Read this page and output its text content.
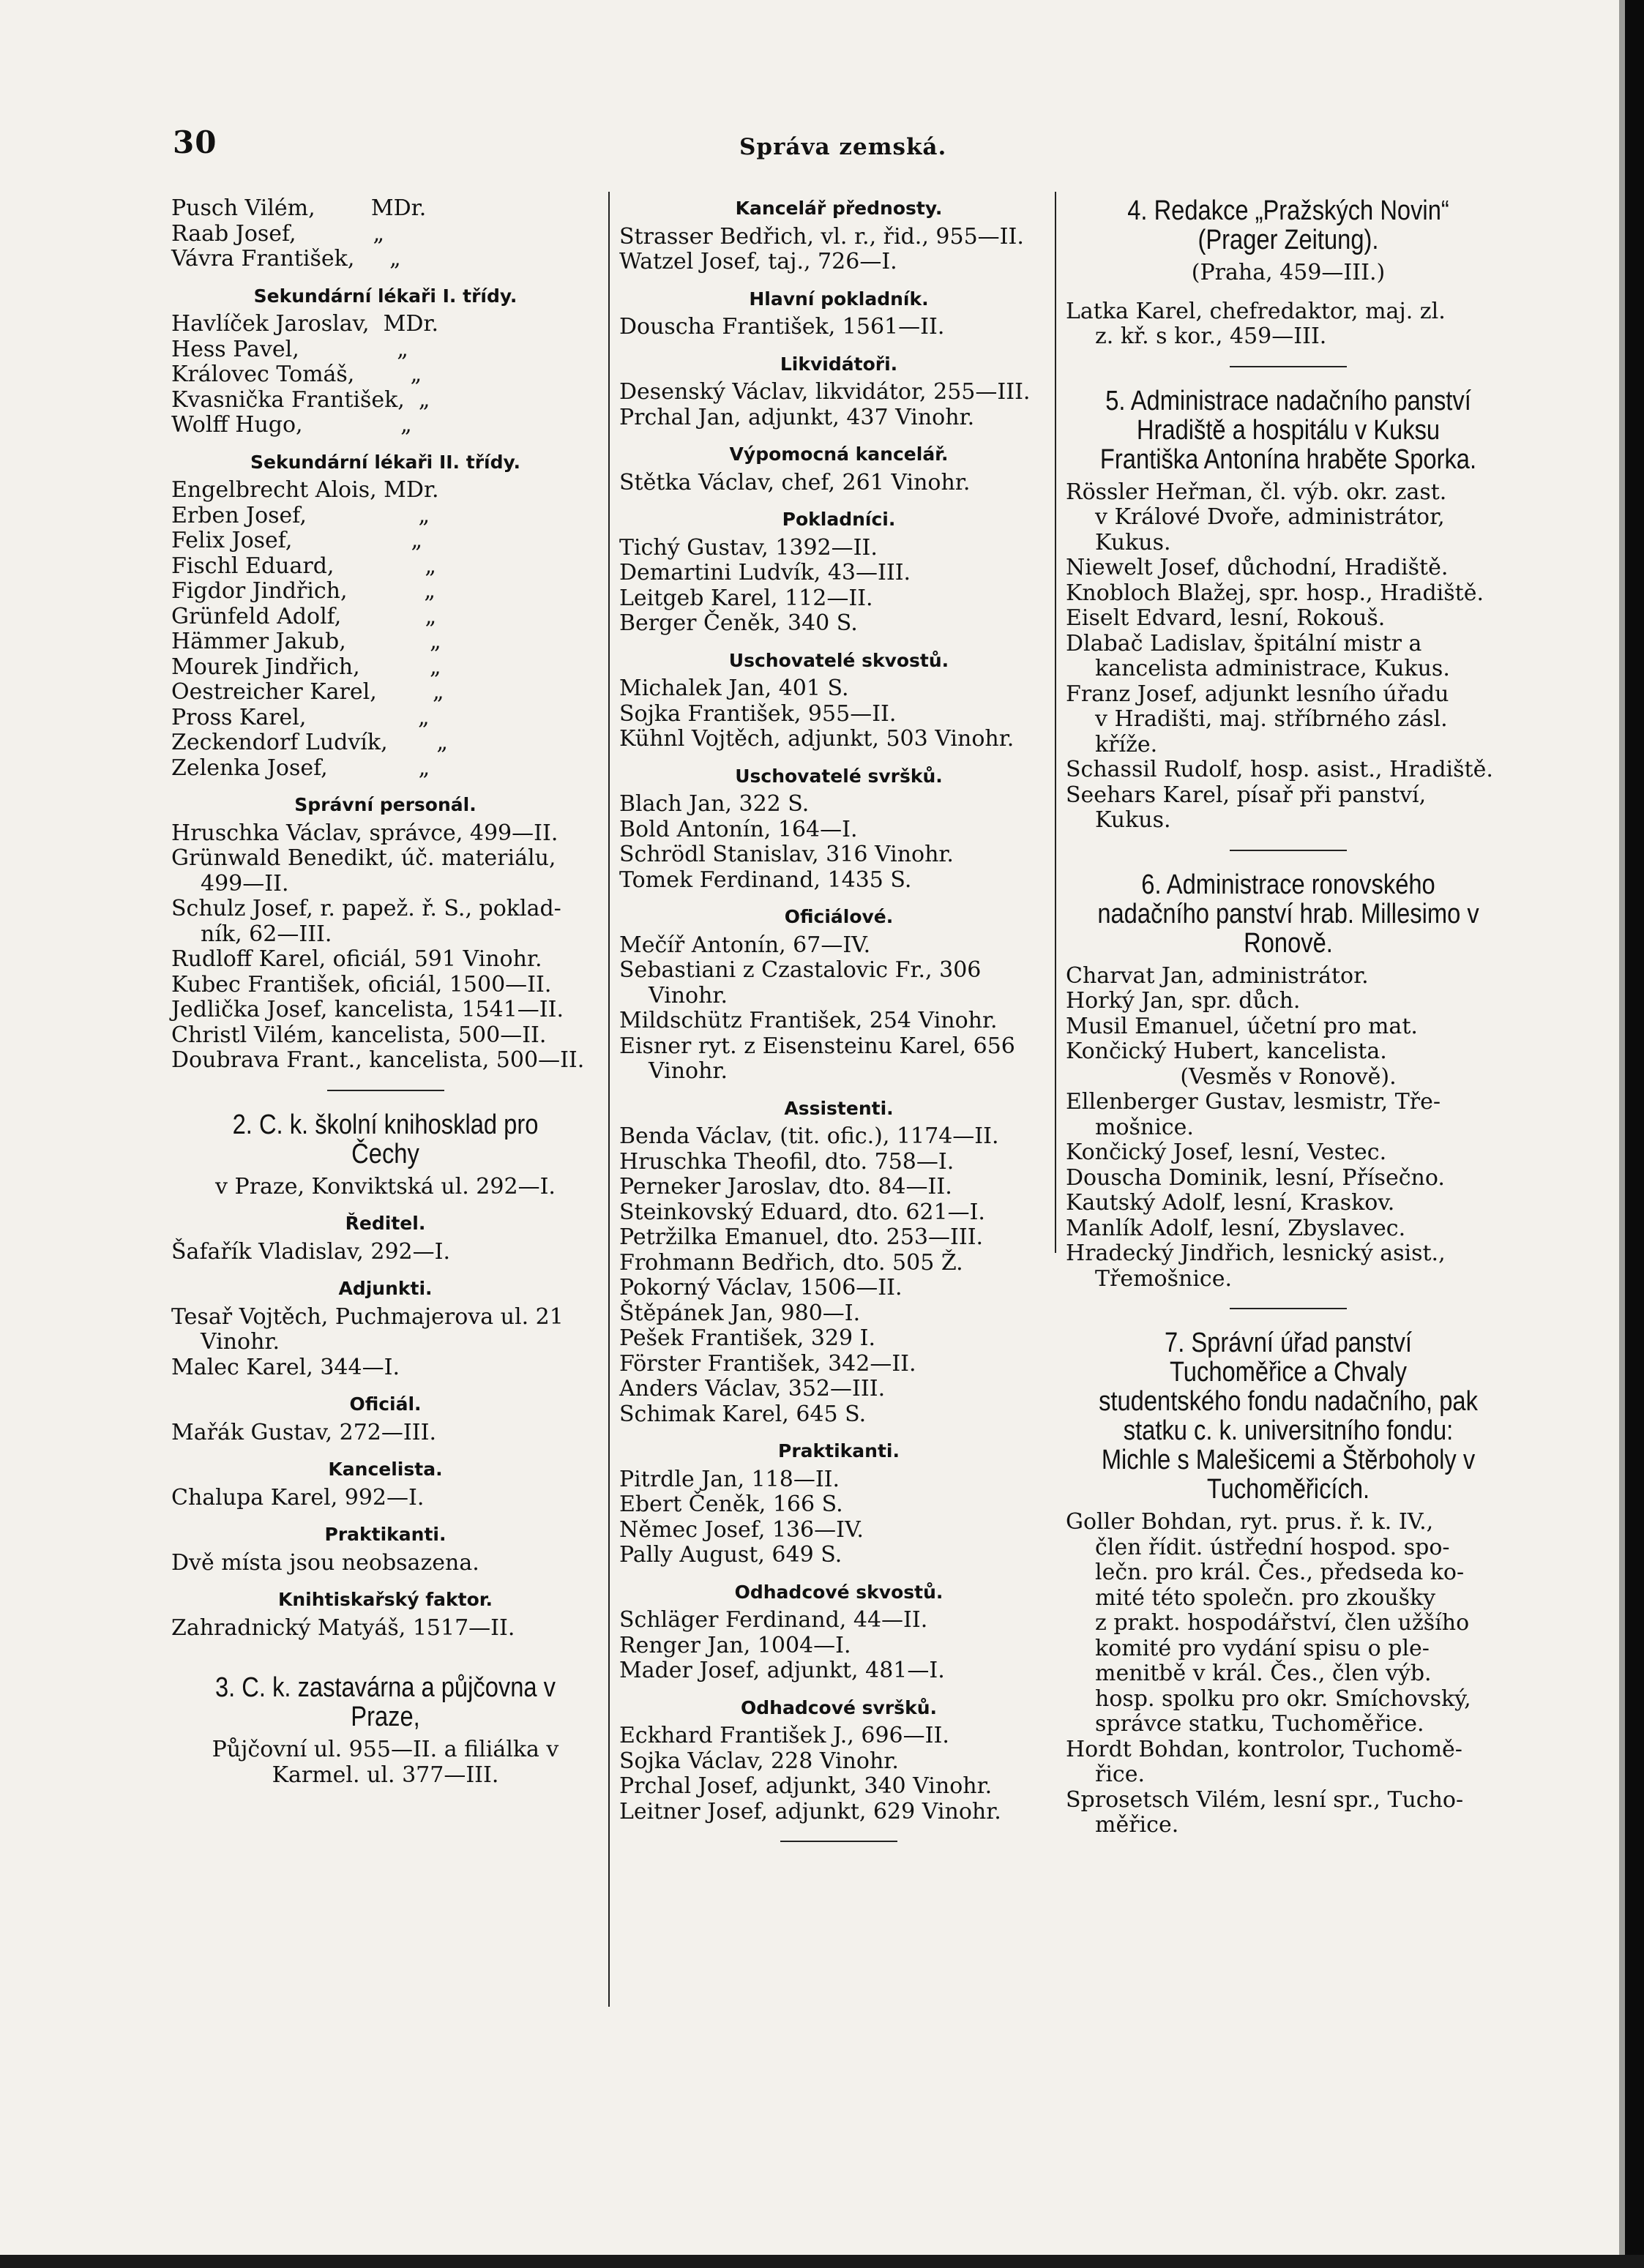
30	Správa zemská.
Pusch Vilém,        MDr.
Raab Josef,           „
Vávra František,     „
Sekundární lékaři I. třídy.
Havlíček Jaroslav,  MDr.
Hess Pavel,              „
Královec Tomáš,        „
Kvasnička František,  „
Wolff Hugo,              „
Sekundární lékaři II. třídy.
Engelbrecht Alois, MDr.
Erben Josef,                „
Felix Josef,                 „
Fischl Eduard,             „
Figdor Jindřich,           „
Grünfeld Adolf,            „
Hämmer Jakub,            „
Mourek Jindřich,          „
Oestreicher Karel,        „
Pross Karel,                „
Zeckendorf Ludvík,       „
Zelenka Josef,             „
Správní personál.
Hruschka Václav, správce, 499—II.
Grünwald Benedikt, úč. materiálu,
499—II.
Schulz Josef, r. papež. ř. S., poklad-
ník, 62—III.
Rudloff Karel, oficiál, 591 Vinohr.
Kubec František, oficiál, 1500—II.
Jedlička Josef, kancelista, 1541—II.
Christl Vilém, kancelista, 500—II.
Doubrava Frant., kancelista, 500—II.
2. C. k. školní knihosklad pro Čechy
v Praze, Konviktská ul. 292—I.
Ředitel.
Šafařík Vladislav, 292—I.
Adjunkti.
Tesař Vojtěch, Puchmajerova ul. 21
Vinohr.
Malec Karel, 344—I.
Oficiál.
Mařák Gustav, 272—III.
Kancelista.
Chalupa Karel, 992—I.
Praktikanti.
Dvě místa jsou neobsazena.
Knihtiskařský faktor.
Zahradnický Matyáš, 1517—II.
3. C. k. zastavárna a půjčovna v Praze,
Půjčovní ul. 955—II. a filiálka v
Karmel. ul. 377—III.
Kancelář přednosty.
Strasser Bedřich, vl. r., řid., 955—II.
Watzel Josef, taj., 726—I.
Hlavní pokladník.
Douscha František, 1561—II.
Likvidátoři.
Desenský Václav, likvidátor, 255—III.
Prchal Jan, adjunkt, 437 Vinohr.
Výpomocná kancelář.
Stětka Václav, chef, 261 Vinohr.
Pokladníci.
Tichý Gustav, 1392—II.
Demartini Ludvík, 43—III.
Leitgeb Karel, 112—II.
Berger Čeněk, 340 S.
Uschovatelé skvostů.
Michalek Jan, 401 S.
Sojka František, 955—II.
Kühnl Vojtěch, adjunkt, 503 Vinohr.
Uschovatelé svršků.
Blach Jan, 322 S.
Bold Antonín, 164—I.
Schrödl Stanislav, 316 Vinohr.
Tomek Ferdinand, 1435 S.
Oficiálové.
Mečíř Antonín, 67—IV.
Sebastiani z Czastalovic Fr., 306
Vinohr.
Mildschütz František, 254 Vinohr.
Eisner ryt. z Eisensteinu Karel, 656
Vinohr.
Assistenti.
Benda Václav, (tit. ofic.), 1174—II.
Hruschka Theofil, dto. 758—I.
Perneker Jaroslav, dto. 84—II.
Steinkovský Eduard, dto. 621—I.
Petržilka Emanuel, dto. 253—III.
Frohmann Bedřich, dto. 505 Ž.
Pokorný Václav, 1506—II.
Štěpánek Jan, 980—I.
Pešek František, 329 I.
Förster František, 342—II.
Anders Václav, 352—III.
Schimak Karel, 645 S.
Praktikanti.
Pitrdle Jan, 118—II.
Ebert Čeněk, 166 S.
Němec Josef, 136—IV.
Pally August, 649 S.
Odhadcové skvostů.
Schläger Ferdinand, 44—II.
Renger Jan, 1004—I.
Mader Josef, adjunkt, 481—I.
Odhadcové svršků.
Eckhard František J., 696—II.
Sojka Václav, 228 Vinohr.
Prchal Josef, adjunkt, 340 Vinohr.
Leitner Josef, adjunkt, 629 Vinohr.
4. Redakce „Pražských Novin“ (Prager Zeitung).
(Praha, 459—III.)
Latka Karel, chefredaktor, maj. zl.
z. kř. s kor., 459—III.
5. Administrace nadačního panství Hradiště a hospitálu v Kuksu Františka Antonína hraběte Sporka.
Rössler Heřman, čl. výb. okr. zast.
v Králové Dvoře, administrátor,
Kukus.
Niewelt Josef, důchodní, Hradiště.
Knobloch Blažej, spr. hosp., Hradiště.
Eiselt Edvard, lesní, Rokouš.
Dlabač Ladislav, špitální mistr a
kancelista administrace, Kukus.
Franz Josef, adjunkt lesního úřadu
v Hradišti, maj. stříbrného zásl.
kříže.
Schassil Rudolf, hosp. asist., Hradiště.
Seehars Karel, písař při panství,
Kukus.
6. Administrace ronovského nadačního panství hrab. Millesimo v Ronově.
Charvat Jan, administrátor.
Horký Jan, spr. důch.
Musil Emanuel, účetní pro mat.
Končický Hubert, kancelista.
(Vesměs v Ronově).
Ellenberger Gustav, lesmistr, Tře-
mošnice.
Končický Josef, lesní, Vestec.
Douscha Dominik, lesní, Přísečno.
Kautský Adolf, lesní, Kraskov.
Manlík Adolf, lesní, Zbyslavec.
Hradecký Jindřich, lesnický asist.,
Třemošnice.
7. Správní úřad panství Tuchoměřice a Chvaly studentského fondu nadačního, pak statku c. k. universitního fondu: Michle s Malešicemi a Štěrboholy v Tuchoměřicích.
Goller Bohdan, ryt. prus. ř. k. IV.,
člen řídit. ústřední hospod. spo-
lečn. pro král. Čes., předseda ko-
mité této společn. pro zkoušky
z prakt. hospodářství, člen užšího
komité pro vydání spisu o ple-
menitbě v král. Čes., člen výb.
hosp. spolku pro okr. Smíchovský,
správce statku, Tuchoměřice.
Hordt Bohdan, kontrolor, Tuchomě-
řice.
Sprosetsch Vilém, lesní spr., Tucho-
měřice.
